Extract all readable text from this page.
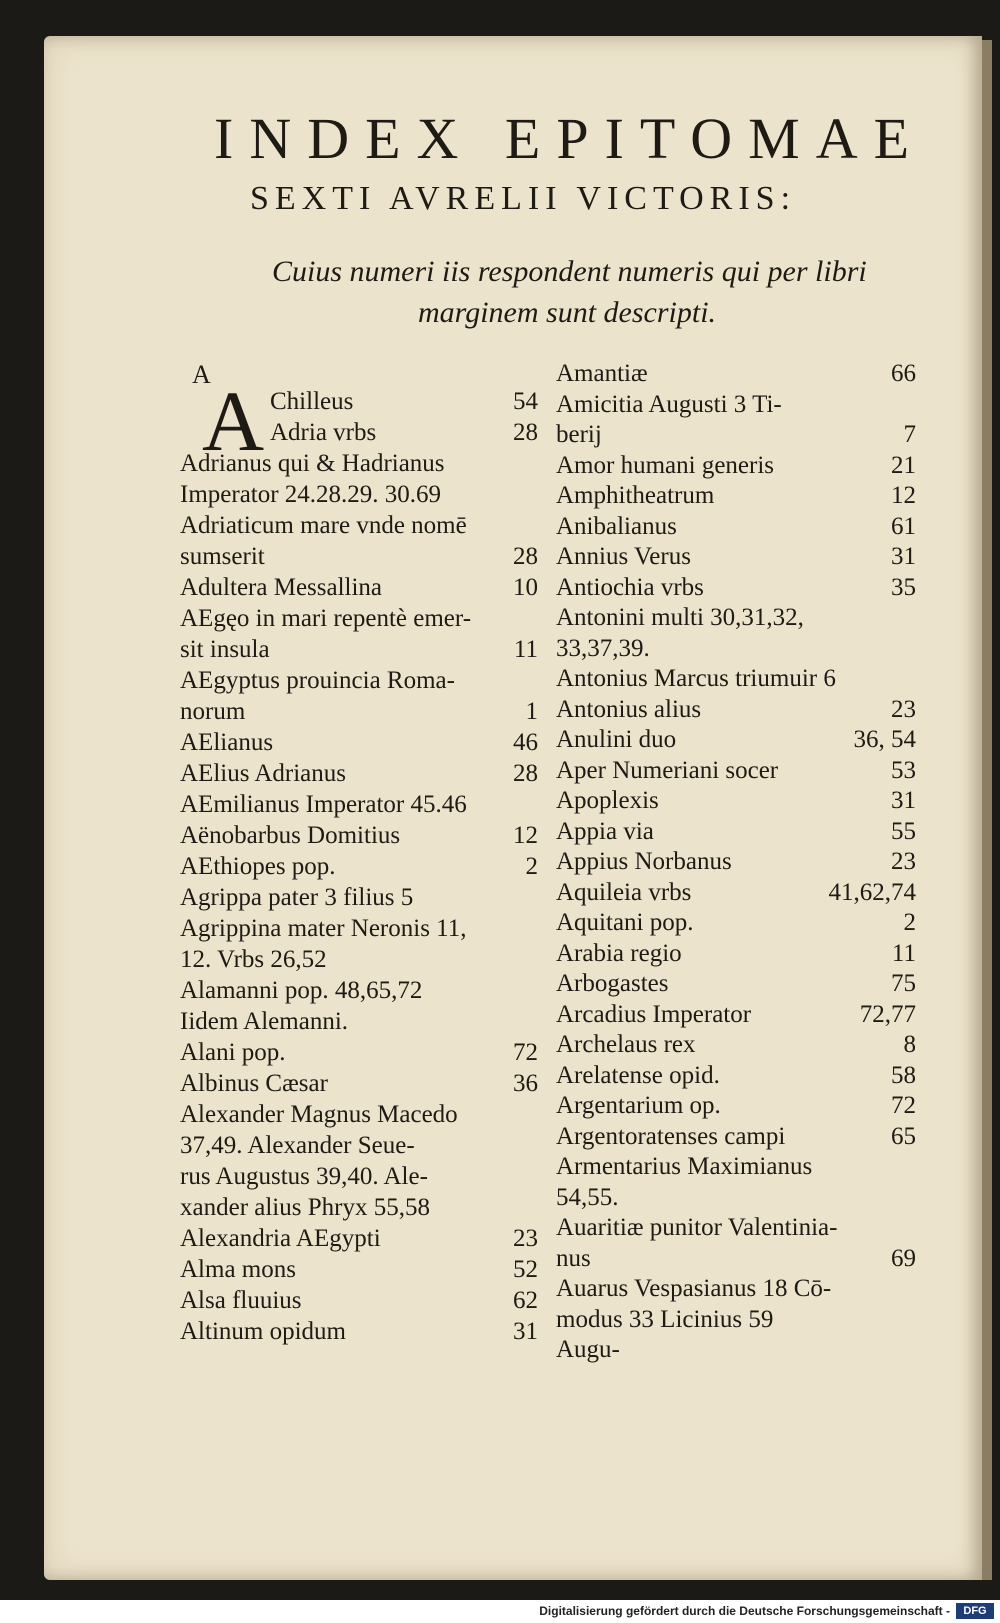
INDEX EPITOMAE
SEXTI AVRELII VICTORIS:
Cuius numeri iis respondent numeris qui per libri
marginem sunt descripti.
A
A Chilleus	54
Adria vrbs	28
Adrianus qui & Hadrianus
Imperator 24.28.29. 30.69
Adriaticum mare vnde nomē
sumserit	28
Adultera Messallina	10
AEgęo in mari repentè emer-
sit insula	11
AEgyptus prouincia Roma-
norum	1
AElianus	46
AElius Adrianus	28
AEmilianus Imperator 45.46
Aënobarbus Domitius	12
AEthiopes pop.	2
Agrippa pater 3 filius 5
Agrippina mater Neronis 11,
12. Vrbs 26,52
Alamanni pop. 48,65,72
Iidem Alemanni.
Alani pop.	72
Albinus Cæsar	36
Alexander Magnus Macedo
37,49. Alexander Seue-
rus Augustus 39,40. Ale-
xander alius Phryx 55,58
Alexandria AEgypti	23
Alma mons	52
Alsa fluuius	62
Altinum opidum	31
Amantiæ	66
Amicitia Augusti 3 Ti-
berij	7
Amor humani generis	21
Amphitheatrum	12
Anibalianus	61
Annius Verus	31
Antiochia vrbs	35
Antonini multi 30,31,32,
33,37,39.
Antonius Marcus triumuir 6
Antonius alius	23
Anulini duo	36, 54
Aper Numeriani socer	53
Apoplexis	31
Appia via	55
Appius Norbanus	23
Aquileia vrbs	41,62,74
Aquitani pop.	2
Arabia regio	11
Arbogastes	75
Arcadius Imperator	72,77
Archelaus rex	8
Arelatense opid.	58
Argentarium op.	72
Argentoratenses campi	65
Armentarius Maximianus
54,55.
Auaritiæ punitor Valentinia-
nus	69
Auarus Vespasianus 18 Cō-
modus 33 Licinius 59
Augu-
Digitalisierung gefördert durch die Deutsche Forschungsgemeinschaft -	DFG
